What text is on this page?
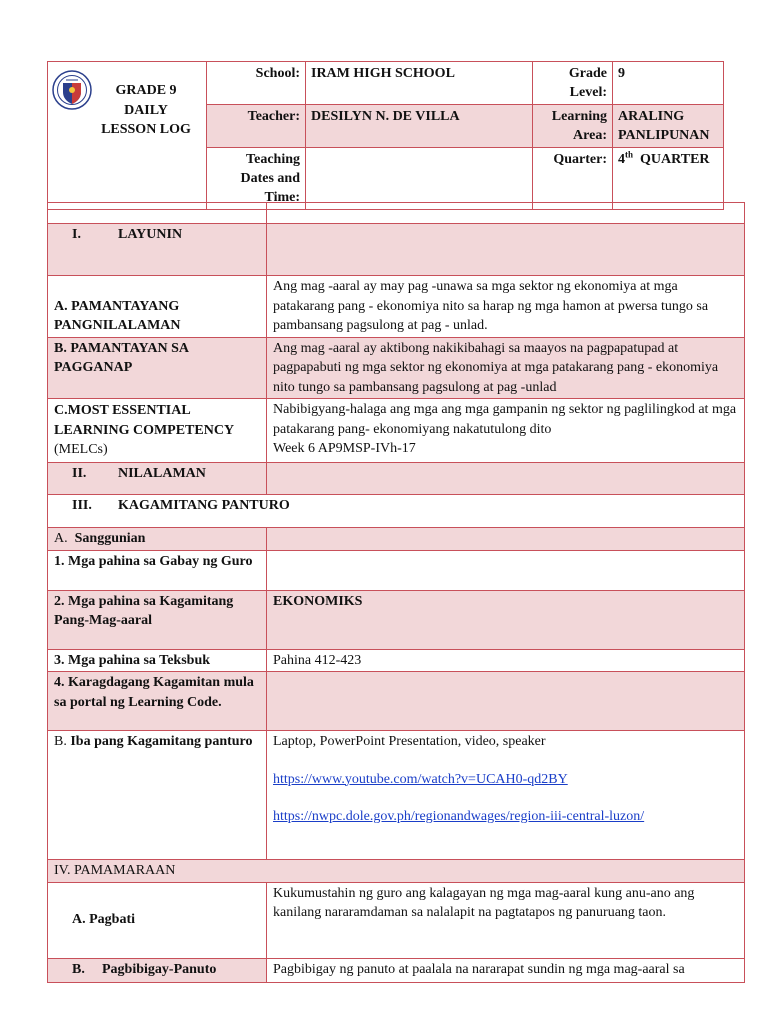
GRADE 9
DAILY
LESSON LOG	School:	IRAM HIGH SCHOOL	Grade Level:	9
	Teacher:	DESILYN N. DE VILLA	Learning Area:	ARALING PANLIPUNAN
	Teaching Dates and Time:		Quarter:	4th QUARTER

I. LAYUNIN	
A. PAMANTAYANG PANGNILALAMAN	Ang mag -aaral ay may pag -unawa sa mga sektor ng ekonomiya at mga patakarang pang - ekonomiya nito sa harap ng mga hamon at pwersa tungo sa pambansang pagsulong at pag - unlad.
B. PAMANTAYAN SA PAGGANAP	Ang mag -aaral ay aktibong nakikibahagi sa maayos na pagpapatupad at pagpapabuti ng mga sektor ng ekonomiya at mga patakarang pang - ekonomiya nito tungo sa pambansang pagsulong at pag -unlad
C.MOST ESSENTIAL LEARNING COMPETENCY (MELCs)	Nabibigyang-halaga ang mga ang mga gampanin ng sektor ng paglilingkod at mga patakarang pang- ekonomiyang nakatutulong dito
Week 6 AP9MSP-IVh-17

II. NILALAMAN	
III. KAGAMITANG PANTURO	
A. Sanggunian	
1. Mga pahina sa Gabay ng Guro	
2. Mga pahina sa Kagamitang Pang-Mag-aaral	EKONOMIKS
3. Mga pahina sa Teksbuk	Pahina 412-423
4. Karagdagang Kagamitan mula sa portal ng Learning Code.	
B. Iba pang Kagamitang panturo	Laptop, PowerPoint Presentation, video, speaker
https://www.youtube.com/watch?v=UCAH0-qd2BY
https://nwpc.dole.gov.ph/regionandwages/region-iii-central-luzon/

IV. PAMAMARAAN	
A. Pagbati	Kukumustahin ng guro ang kalagayan ng mga mag-aaral kung anu-ano ang kanilang nararamdaman sa nalalapit na pagtatapos ng panuruang taon.
B. Pagbibigay-Panuto	Pagbibigay ng panuto at paalala na nararapat sundin ng mga mag-aaral sa
